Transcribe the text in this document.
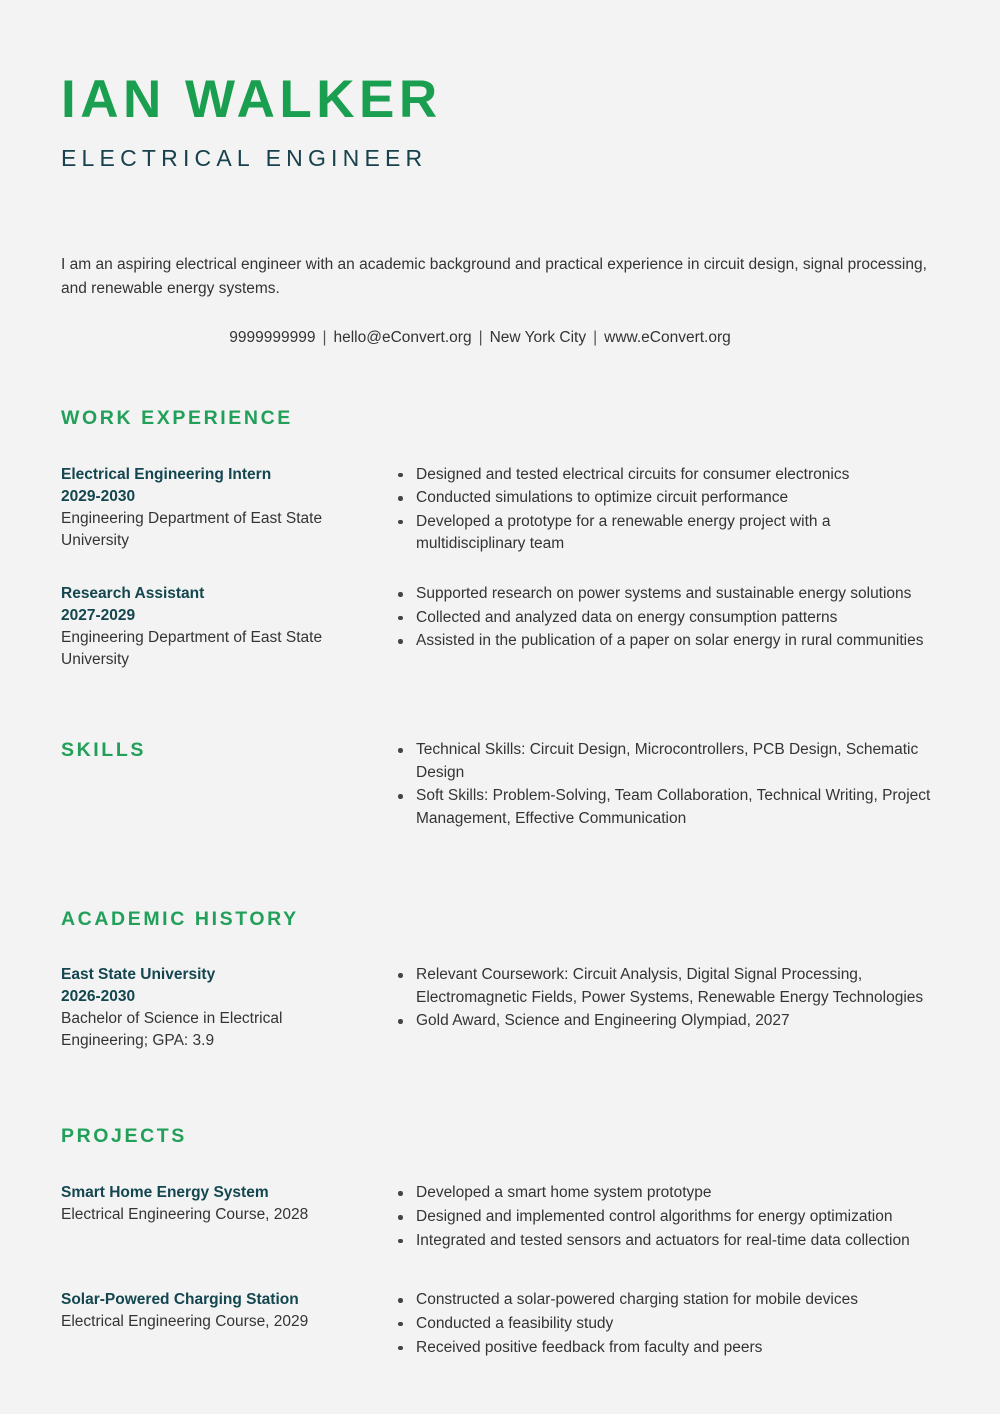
IAN WALKER
ELECTRICAL ENGINEER
I am an aspiring electrical engineer with an academic background and practical experience in circuit design, signal processing, and renewable energy systems.
9999999999 | hello@eConvert.org | New York City | www.eConvert.org
WORK EXPERIENCE
Electrical Engineering Intern
2029-2030
Engineering Department of East State University
Designed and tested electrical circuits for consumer electronics
Conducted simulations to optimize circuit performance
Developed a prototype for a renewable energy project with a multidisciplinary team
Research Assistant
2027-2029
Engineering Department of East State University
Supported research on power systems and sustainable energy solutions
Collected and analyzed data on energy consumption patterns
Assisted in the publication of a paper on solar energy in rural communities
SKILLS	Technical Skills: Circuit Design, Microcontrollers, PCB Design, Schematic Design
Soft Skills: Problem-Solving, Team Collaboration, Technical Writing, Project Management, Effective Communication
ACADEMIC HISTORY
East State University
2026-2030
Bachelor of Science in Electrical Engineering; GPA: 3.9
Relevant Coursework: Circuit Analysis, Digital Signal Processing, Electromagnetic Fields, Power Systems, Renewable Energy Technologies
Gold Award, Science and Engineering Olympiad, 2027
PROJECTS
Smart Home Energy System
Electrical Engineering Course, 2028
Developed a smart home system prototype
Designed and implemented control algorithms for energy optimization
Integrated and tested sensors and actuators for real-time data collection
Solar-Powered Charging Station
Electrical Engineering Course, 2029
Constructed a solar-powered charging station for mobile devices
Conducted a feasibility study
Received positive feedback from faculty and peers
